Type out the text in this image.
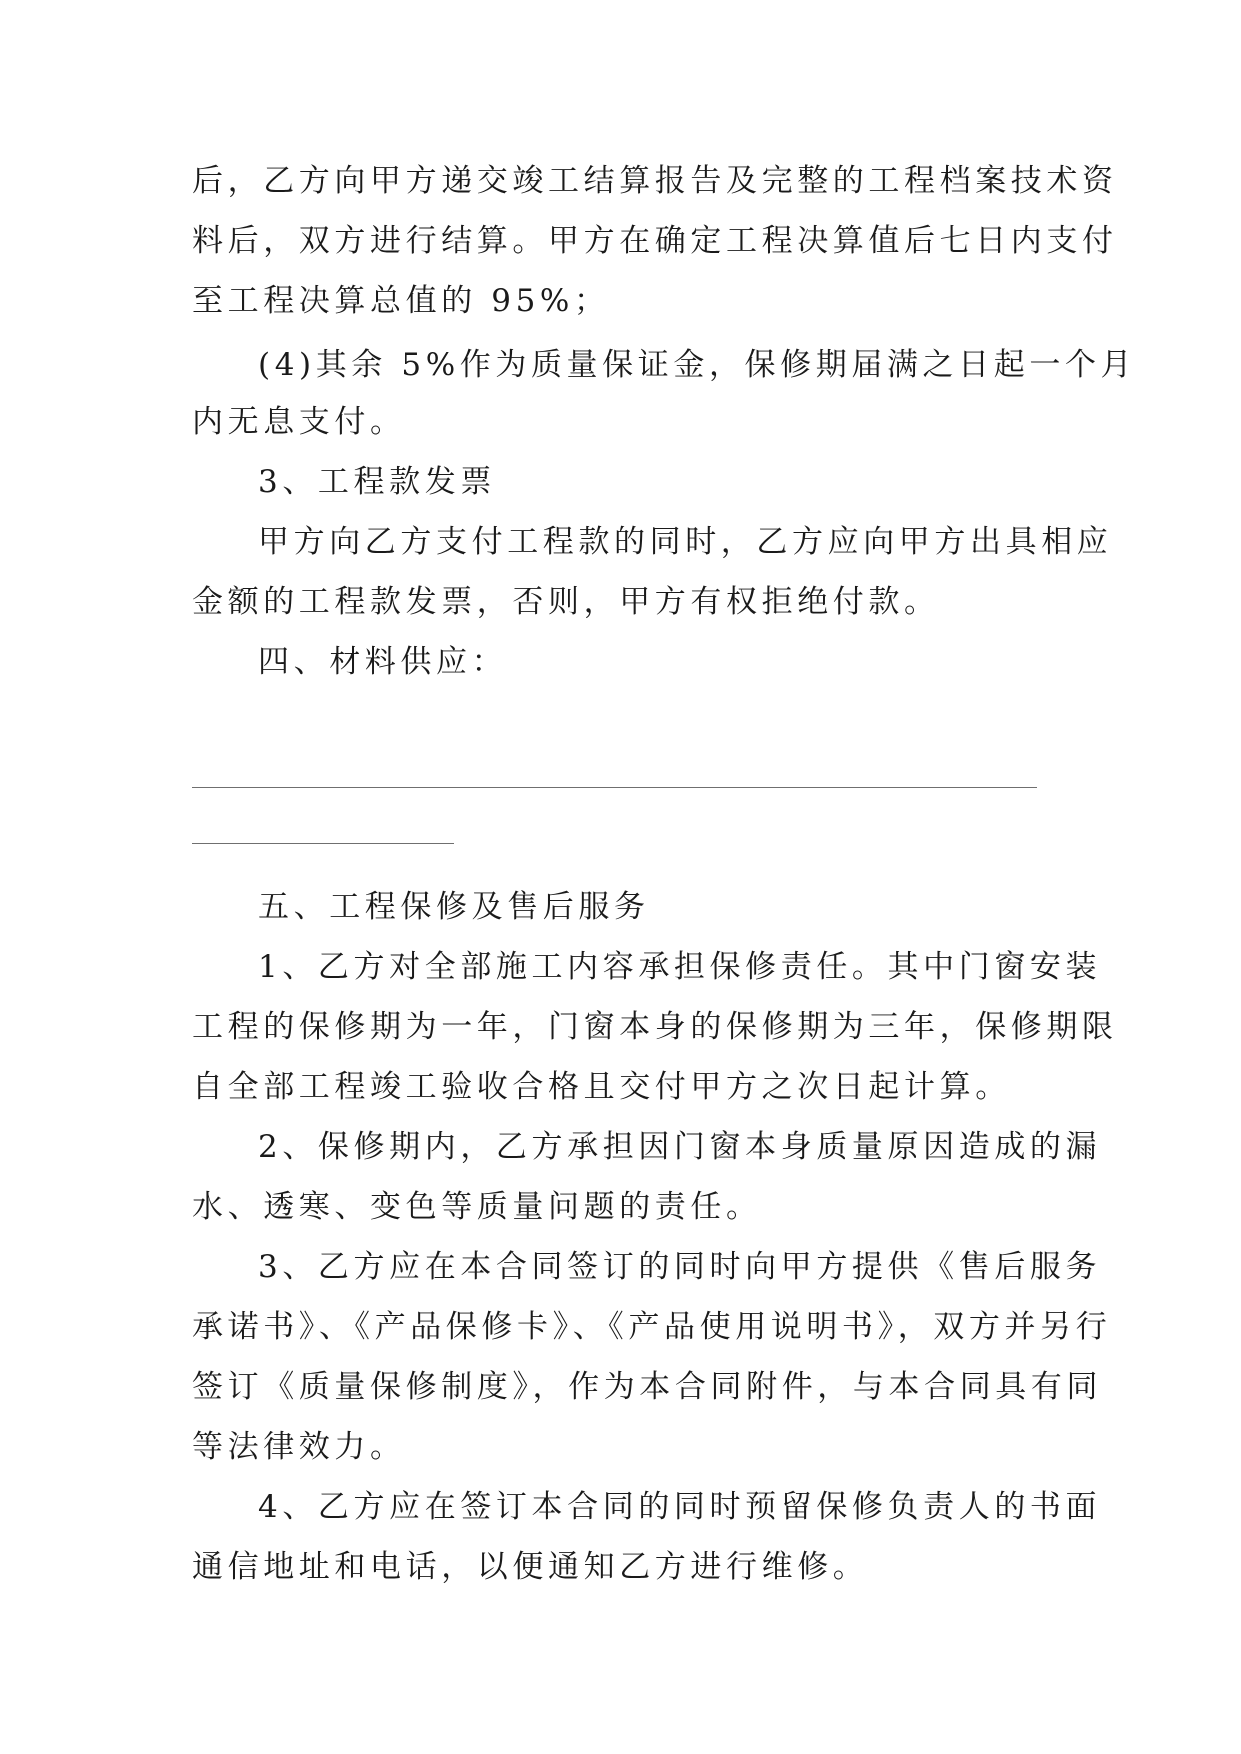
后，乙方向甲方递交竣工结算报告及完整的工程档案技术资
料后，双方进行结算。甲方在确定工程决算值后七日内支付
至工程决算总值的 95%；
(4)其余 5%作为质量保证金，保修期届满之日起一个月
内无息支付。
3、工程款发票
甲方向乙方支付工程款的同时，乙方应向甲方出具相应
金额的工程款发票，否则，甲方有权拒绝付款。
四、材料供应：
五、工程保修及售后服务
1、乙方对全部施工内容承担保修责任。其中门窗安装
工程的保修期为一年，门窗本身的保修期为三年，保修期限
自全部工程竣工验收合格且交付甲方之次日起计算。
2、保修期内，乙方承担因门窗本身质量原因造成的漏
水、透寒、变色等质量问题的责任。
3、乙方应在本合同签订的同时向甲方提供《售后服务
承诺书》、《产品保修卡》、《产品使用说明书》，双方并另行
签订《质量保修制度》，作为本合同附件，与本合同具有同
等法律效力。
4、乙方应在签订本合同的同时预留保修负责人的书面
通信地址和电话，以便通知乙方进行维修。
